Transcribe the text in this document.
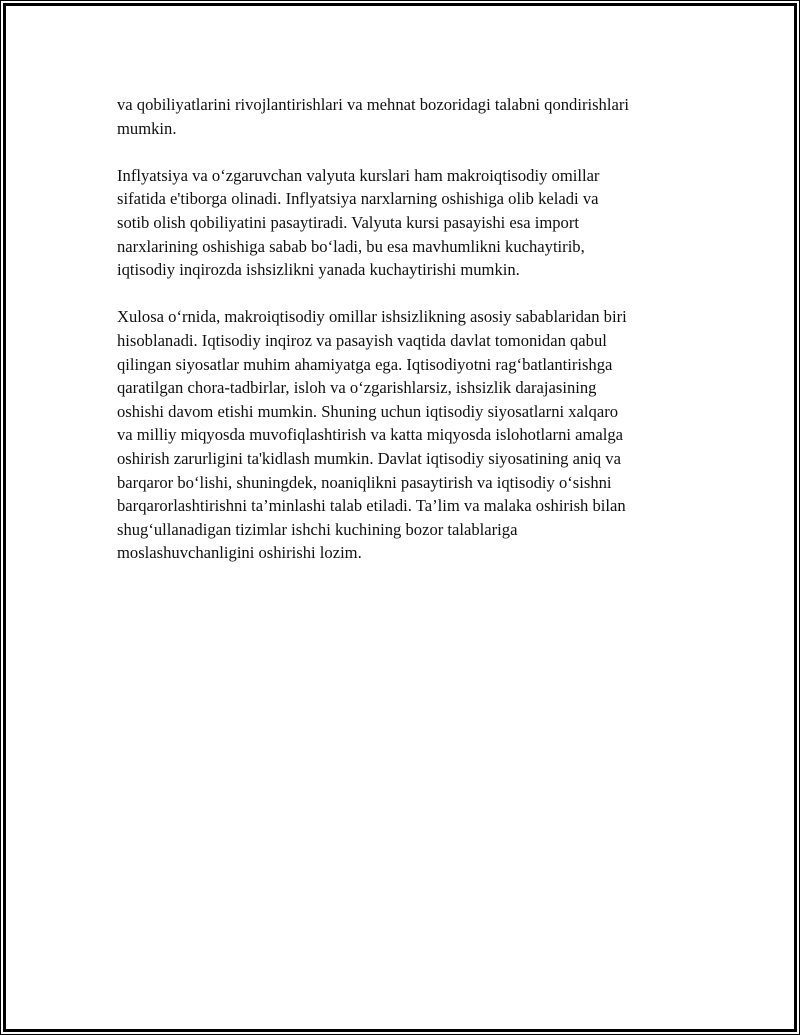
va qobiliyatlarini rivojlantirishlari va mehnat bozoridagi talabni qondirishlari
mumkin.

Inflyatsiya va o‘zgaruvchan valyuta kurslari ham makroiqtisodiy omillar
sifatida e'tiborga olinadi. Inflyatsiya narxlarning oshishiga olib keladi va
sotib olish qobiliyatini pasaytiradi. Valyuta kursi pasayishi esa import
narxlarining oshishiga sabab bo‘ladi, bu esa mavhumlikni kuchaytirib,
iqtisodiy inqirozda ishsizlikni yanada kuchaytirishi mumkin.

Xulosa o‘rnida, makroiqtisodiy omillar ishsizlikning asosiy sabablaridan biri
hisoblanadi. Iqtisodiy inqiroz va pasayish vaqtida davlat tomonidan qabul
qilingan siyosatlar muhim ahamiyatga ega. Iqtisodiyotni rag‘batlantirishga
qaratilgan chora-tadbirlar, isloh va o‘zgarishlarsiz, ishsizlik darajasining
oshishi davom etishi mumkin. Shuning uchun iqtisodiy siyosatlarni xalqaro
va milliy miqyosda muvofiqlashtirish va katta miqyosda islohotlarni amalga
oshirish zarurligini ta'kidlash mumkin. Davlat iqtisodiy siyosatining aniq va
barqaror bo‘lishi, shuningdek, noaniqlikni pasaytirish va iqtisodiy o‘sishni
barqarorlashtirishni ta’minlashi talab etiladi. Ta’lim va malaka oshirish bilan
shug‘ullanadigan tizimlar ishchi kuchining bozor talablariga
moslashuvchanligini oshirishi lozim.
